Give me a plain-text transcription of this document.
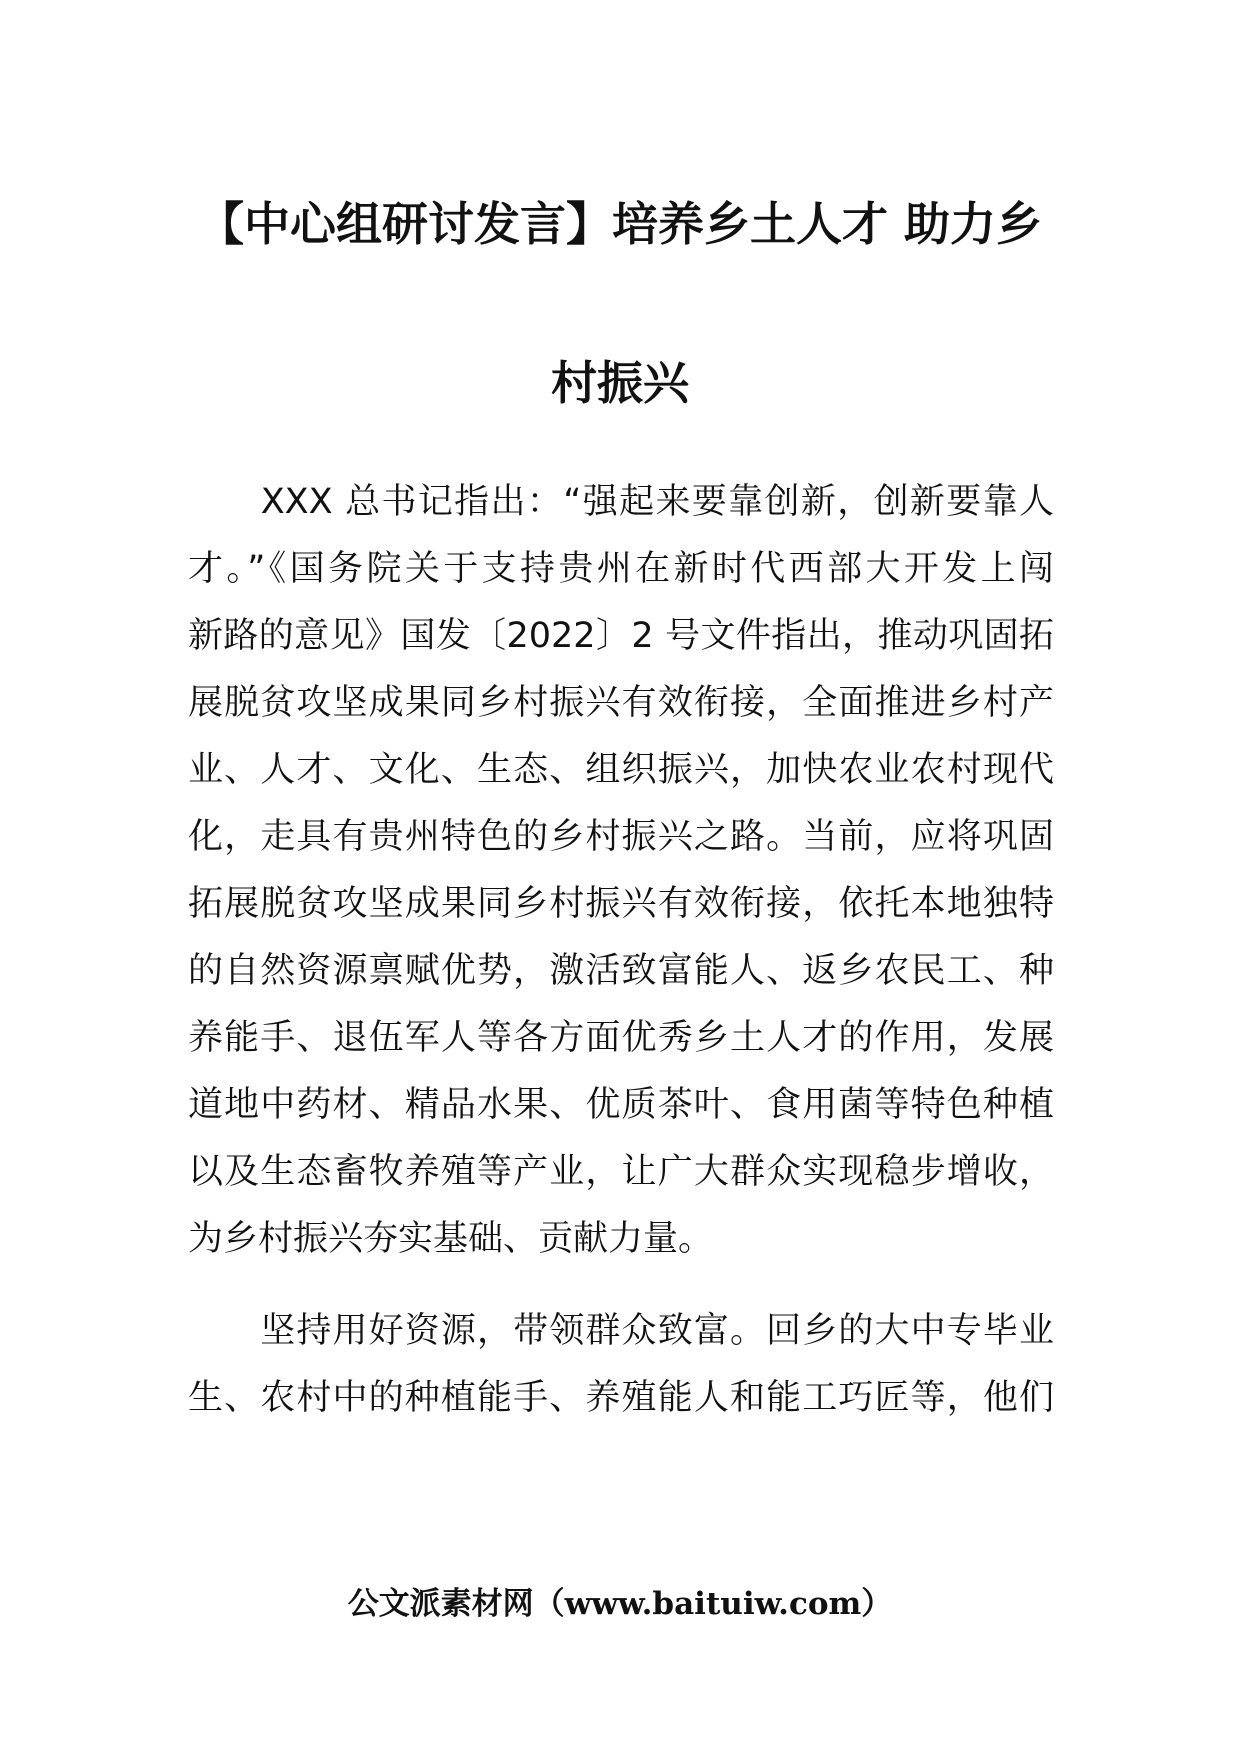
【中心组研讨发言】培养乡土人才 助力乡
村振兴
　　XXX 总书记指出：“强起来要靠创新，创新要靠人
才。”《国务院关于支持贵州在新时代西部大开发上闯
新路的意见》国发〔2022〕2 号文件指出，推动巩固拓
展脱贫攻坚成果同乡村振兴有效衔接，全面推进乡村产
业、人才、文化、生态、组织振兴，加快农业农村现代
化，走具有贵州特色的乡村振兴之路。当前，应将巩固
拓展脱贫攻坚成果同乡村振兴有效衔接，依托本地独特
的自然资源禀赋优势，激活致富能人、返乡农民工、种
养能手、退伍军人等各方面优秀乡土人才的作用，发展
道地中药材、精品水果、优质茶叶、食用菌等特色种植
以及生态畜牧养殖等产业，让广大群众实现稳步增收，
为乡村振兴夯实基础、贡献力量。
　　坚持用好资源，带领群众致富。回乡的大中专毕业
生、农村中的种植能手、养殖能人和能工巧匠等，他们
公文派素材网（www.baituiw.com）
